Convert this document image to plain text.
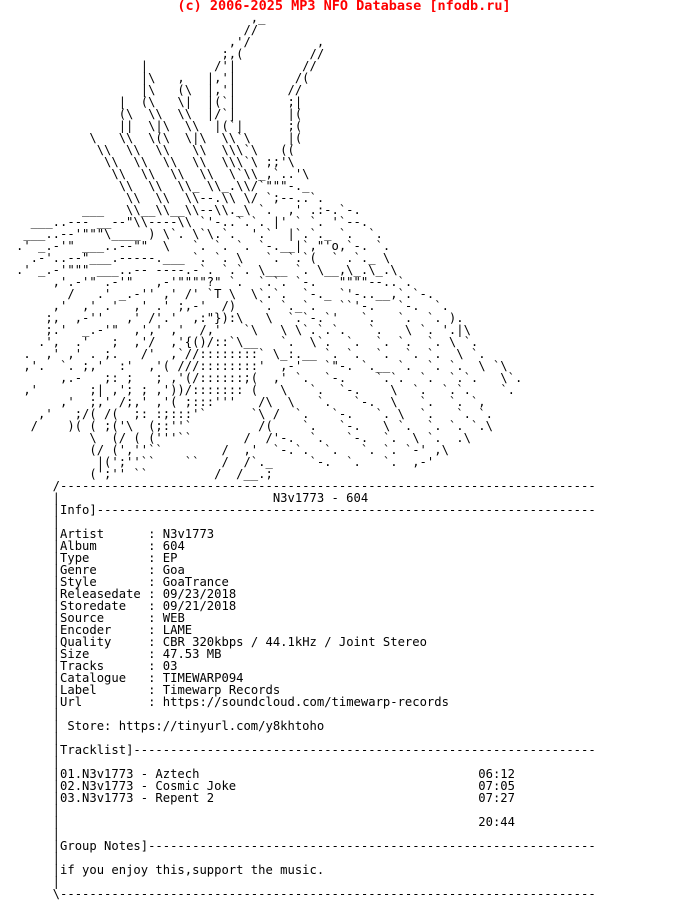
(c) 2006-2025 MP3 NFO Database [nfodb.ru]
,_
//
,'/         ,
;,(         //
|         /'|         //
|\   ,   |,'|        /(
|\   (\  |,'|       //
|  (\   \|  |(`|       ;|
(\  \\  \\  |/`|       |(
||  \|\  \\  |(`|      ;(
\   \\  \(\  \|\  \\`\     |(
\\  \\  \\   \\  \\\`\   ((
\\  \\  \\  \\  \\\`\ ;;'\
\\  \\  \\  \\  \`\\_,`..'\
\\  \\  \\_ \\_.\\/`"""-._
\\  \\  \\--.\\ \/ `;--..`.
___   \\__\\__\\--\\._\ `.  ,' .:-.`-.
___..--- __--"\\----\\ `'-..`.`. |' ` `. '`--.
___..--'"""\____ ) \`. \`\.`.  '.`  |`.`._ `.  `.
.' _.-'" ___..--""  \   `. `. `. `-.__|`,"'o,`-. `.
.-'..--"___.-----.___ `. `. \   `. `.`(  ` .`._ \
.' _.-'""" ___..-- ----.-`. `.`. \___ `. \__,\_.\_.\
,'.-'" .-'"   ,-'""""?" `.  `.`. `-.   """"--..`.
/   .' _.-'' ,' /' `T \  \`.`.  `-._ `'-..__,`.`-.
,'  ,' .'  ,' .' ;,-'  /)   `. `._`.   ``'-.   `-.  `.
;,  ,-''   ,' /'.'  ,:"}):\   \  `.`-.`'   `.   `.  `. ).
;.'  _.-'"  ,',' ,'  /,'   `\   \ \`.`.`.   `.   \ `. '.|\
.',  .'   ;  ,'/  ,'{()/::`\__   `.  \`.  `.  `. `.  `. \ `.
.  ,' ,' . ;.   /'  ,`//::::::::` \_:.__ `. `.  `.  `. `.  \ `.
,'.  `. ;,'  :'  ,'( ///::::::::'  ,-'   `"-. `.__ `.  `. `.  \ `\
,.-   ;: ;   ; ,'(/::::::;(  ,' `.  `-.    `.`.  `.  `.`.   \`.
,'       ;| ,'; ; ,'))/::::::: (   \   `.  `-.    \  `.  `.`.    `.
,'  ;,' /;,' ,'( ;:::'''   /\  \   `.   `-.  \   `.  `. `,
,'   ;/( /(  ;: :;:::'`      `\ /  `.   `-.   `. \  `.   `. `.
/    )( ( ;('\  (;:''`         /(    `.   `-.   \ `.  `. `. `.\
\  (/ ( ('''``       /  /'-.  `.   `-.  `.  \ `.  .\
(/ (',''``        /  ,'  `-.`.  `.   `. `. `-' ,\
|(';''``    ``   /  /`._     `-.  `.   `.  ,-'
(';'' ``         /  /__.;
/-------------------------------------------------------------------------
|                             N3v1773 - 604
|Info]--------------------------------------------------------------------
|
|Artist      : N3v1773
|Album       : 604
|Type        : EP
|Genre       : Goa
|Style       : GoaTrance
|Releasedate : 09/23/2018
|Storedate   : 09/21/2018
|Source      : WEB
|Encoder     : LAME
|Quality     : CBR 320kbps / 44.1kHz / Joint Stereo
|Size        : 47.53 MB
|Tracks      : 03
|Catalogue   : TIMEWARP094
|Label       : Timewarp Records
|Url         : https://soundcloud.com/timewarp-records
|
| Store: https://tinyurl.com/y8khtoho
|
|Tracklist]---------------------------------------------------------------
|
|01.N3v1773 - Aztech                                      06:12
|02.N3v1773 - Cosmic Joke                                 07:05
|03.N3v1773 - Repent 2                                    07:27
|
|                                                         20:44
|
|Group Notes]-------------------------------------------------------------
|
|if you enjoy this,support the music.
|
\-------------------------------------------------------------------------
